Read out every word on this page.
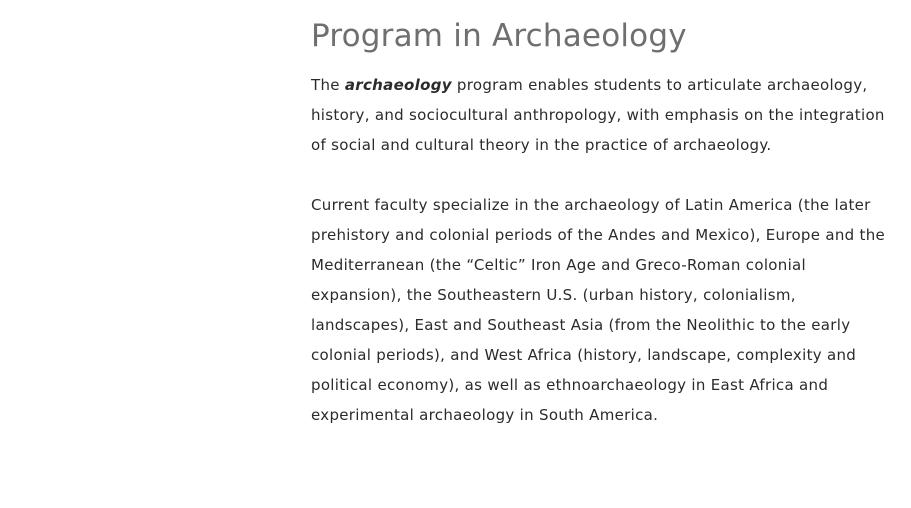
Program in Archaeology

The archaeology program enables students to articulate archaeology, history, and sociocultural anthropology, with emphasis on the integration of social and cultural theory in the practice of archaeology.

Current faculty specialize in the archaeology of Latin America (the later prehistory and colonial periods of the Andes and Mexico), Europe and the Mediterranean (the “Celtic” Iron Age and Greco-Roman colonial expansion), the Southeastern U.S. (urban history, colonialism, landscapes), East and Southeast Asia (from the Neolithic to the early colonial periods), and West Africa (history, landscape, complexity and political economy), as well as ethnoarchaeology in East Africa and experimental archaeology in South America.
